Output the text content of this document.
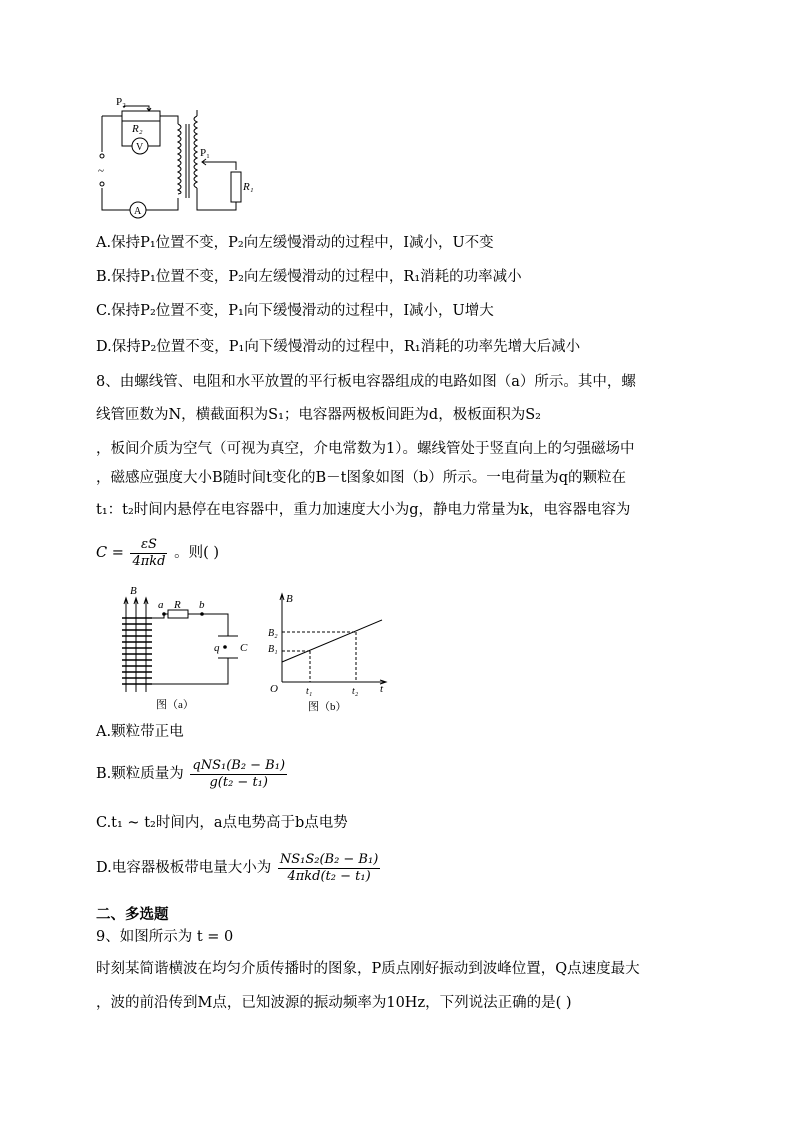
P₂
R₂
V	P₁
R₁
A
~
A.保持P₁位置不变，P₂向左缓慢滑动的过程中，I减小，U不变
B.保持P₁位置不变，P₂向左缓慢滑动的过程中，R₁消耗的功率减小
C.保持P₂位置不变，P₁向下缓慢滑动的过程中，I减小，U增大
D.保持P₂位置不变，P₁向下缓慢滑动的过程中，R₁消耗的功率先增大后减小
8、由螺线管、电阻和水平放置的平行板电容器组成的电路如图（a）所示。其中，螺
线管匝数为N，横截面积为S₁；电容器两极板间距为d，极板面积为S₂
，板间介质为空气（可视为真空，介电常数为1）。螺线管处于竖直向上的匀强磁场中
，磁感应强度大小B随时间t变化的B－t图象如图（b）所示。一电荷量为q的颗粒在
t₁：t₂时间内悬停在电容器中，重力加速度大小为g，静电力常量为k，电容器电容为
$C = \frac{\varepsilon S}{\text{4πkd}}$ 。则( )
B
a R b
q C
图（a）
B
B₂
B₁
O	t₁	t₂ t
图（b）
A.颗粒带正电
B.颗粒质量为 $\frac{\text{qNS₁(B₂ − B₁)}}{\text{g(t₂ − t₁)}}$
C.t₁ ~ t₂时间内，a点电势高于b点电势
D.电容器极板带电量大小为 $\frac{\text{NS₁S₂(B₂ − B₁)}}{\text{4πkd(t₂ − t₁)}}$
二、多选题
9、如图所示为 t = 0
时刻某简谐横波在均匀介质传播时的图象，P质点刚好振动到波峰位置，Q点速度最大
，波的前沿传到M点，已知波源的振动频率为10Hz，下列说法正确的是( )
